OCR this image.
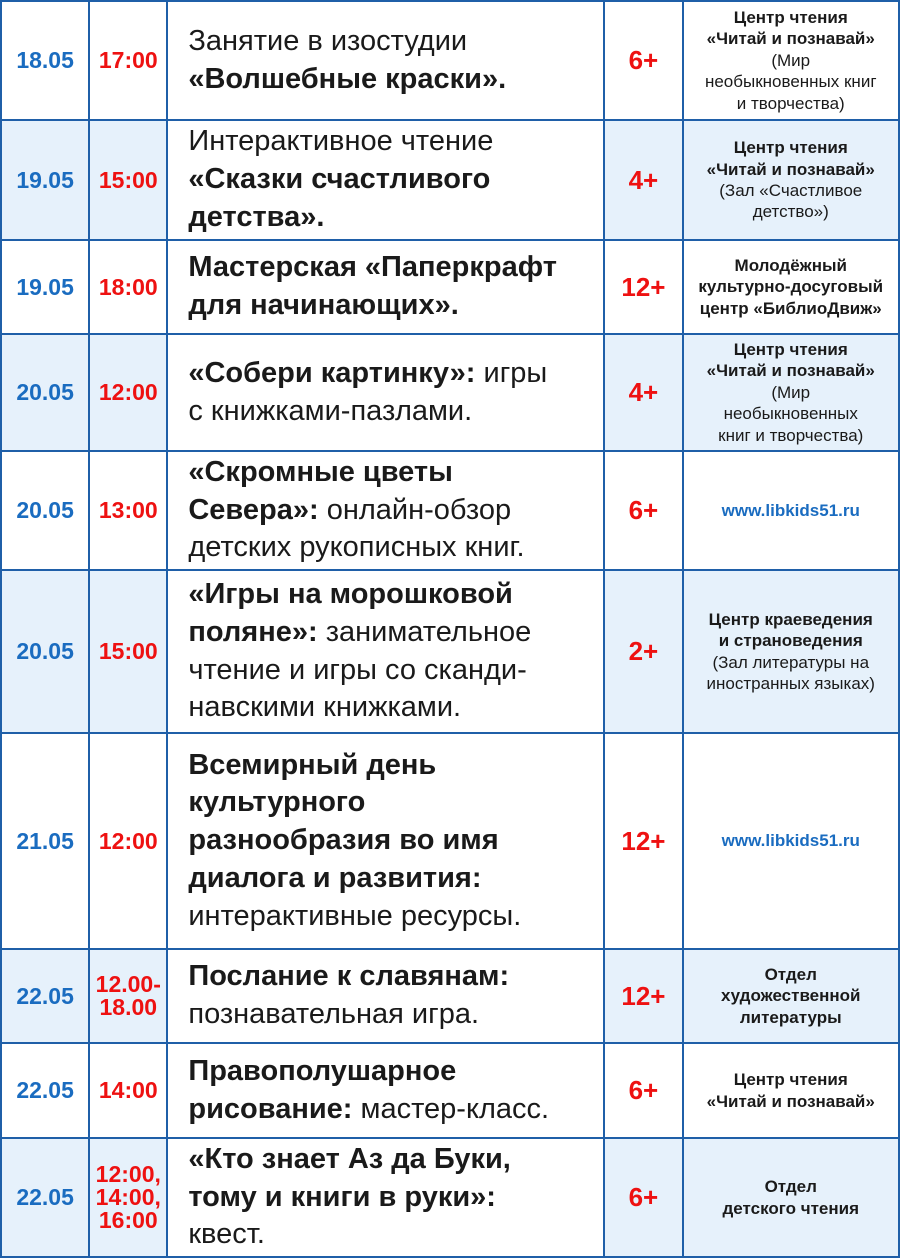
18.05	17:00	Занятие в изостудии
«Волшебные краски».	6+	Центр чтения
«Читай и познавай»
(Мир
необыкновенных книг
и творчества)
19.05	15:00	Интерактивное чтение
«Сказки счастливого
детства».	4+	Центр чтения
«Читай и познавай»
(Зал «Счастливое
детство»)
19.05	18:00	Мастерская «Паперкрафт
для начинающих».	12+	Молодёжный
культурно-досуговый
центр «БиблиоДвиж»
20.05	12:00	«Собери картинку»: игры
с книжками-пазлами.	4+	Центр чтения
«Читай и познавай»
(Мир
необыкновенных
книг и творчества)
20.05	13:00	«Скромные цветы
Севера»: онлайн-обзор
детских рукописных книг.	6+	www.libkids51.ru
20.05	15:00	«Игры на морошковой
поляне»: занимательное
чтение и игры со сканди-
навскими книжками.	2+	Центр краеведения
и страноведения
(Зал литературы на
иностранных языках)
21.05	12:00	Всемирный день
культурного
разнообразия во имя
диалога и развития:
интерактивные ресурсы.	12+	www.libkids51.ru
22.05	12.00-
18.00	Послание к славянам:
познавательная игра.	12+	Отдел
художественной
литературы
22.05	14:00	Правополушарное
рисование: мастер-класс.	6+	Центр чтения
«Читай и познавай»
22.05	12:00,
14:00,
16:00	«Кто знает Аз да Буки,
тому и книги в руки»:
квест.	6+	Отдел
детского чтения
